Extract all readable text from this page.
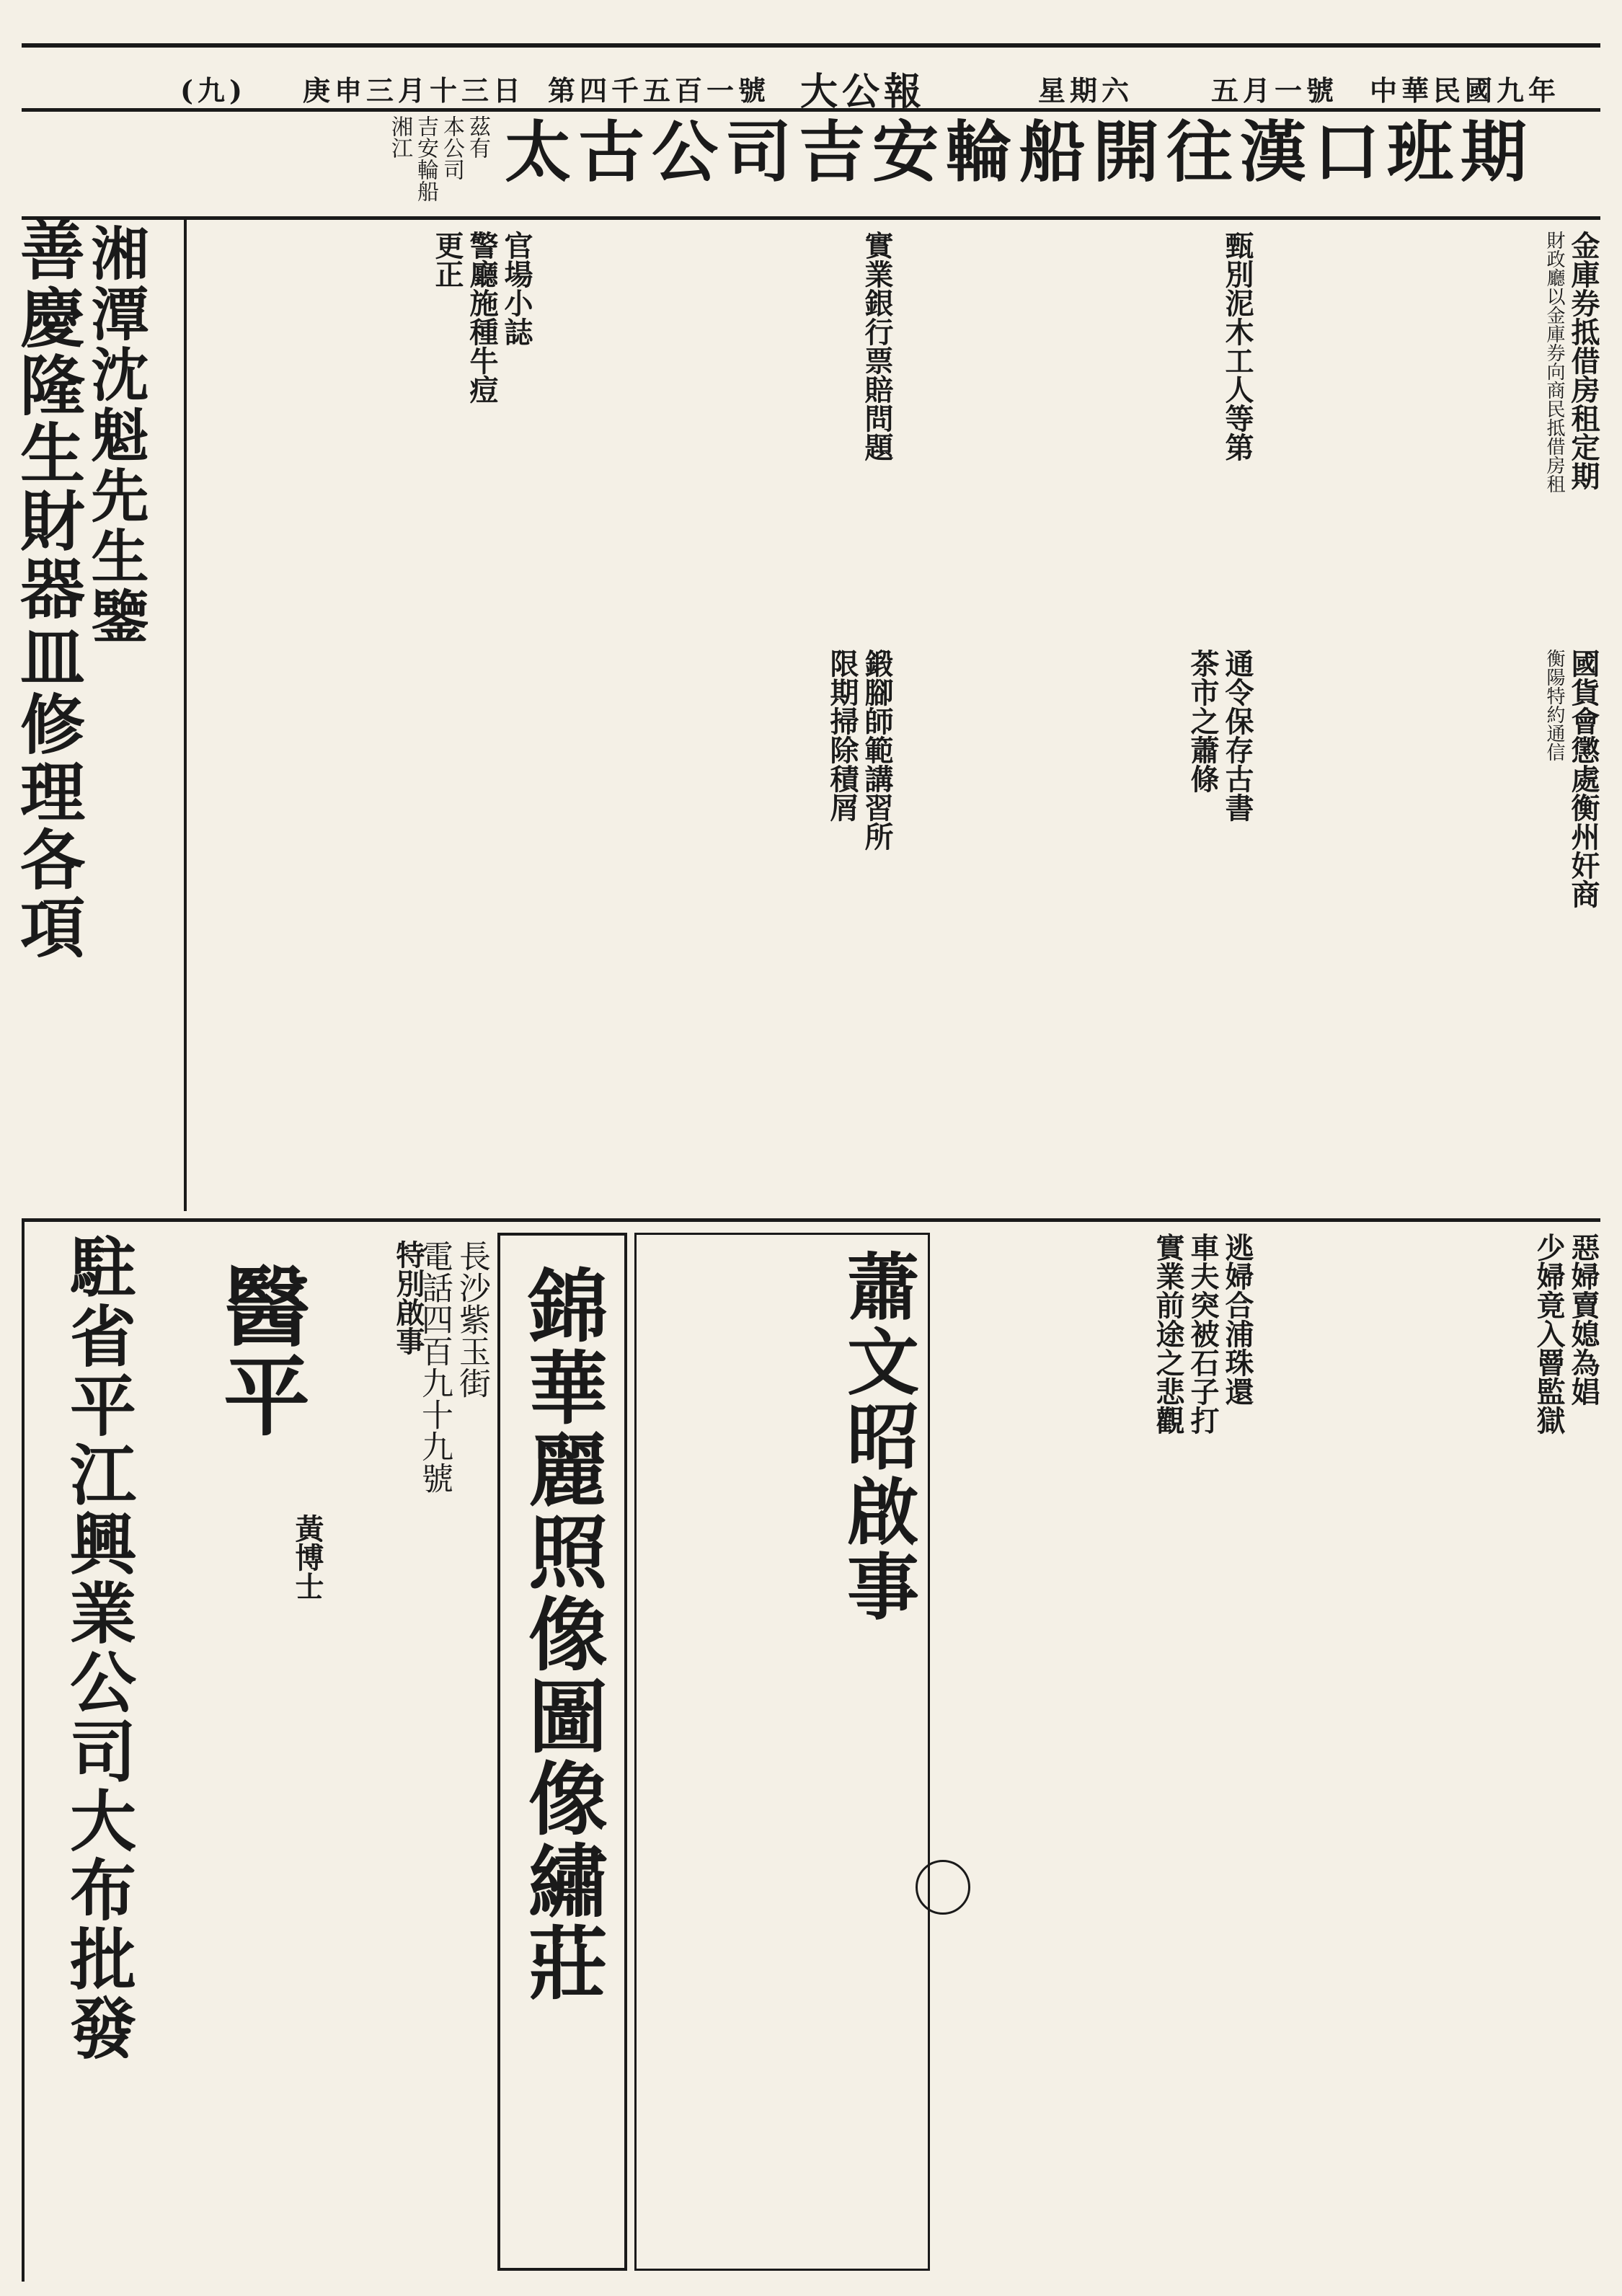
中華民國九年
五月一號
星期六
大公報
第四千五百一號
庚申三月十三日
(九)
太古公司吉安輪船開往漢口班期
茲有
本公司
吉安輪船
湘江
善慶隆生財器皿修理各項
湘潭沈魁先生鑒	金庫券抵借房租定期
財政廳以金庫券向商民抵借房租
甄別泥木工人等第
實業銀行票賠問題
國貨會懲處衡州奸商
衡陽特約通信
通令保存古書
茶市之蕭條
鍛腳師範講習所
限期掃除積屑
官場小誌
警廳施種牛痘
更正
惡婦賣媳為娼
少婦竟入罾監獄
逃婦合浦珠還
車夫突被石子打
實業前途之悲觀
蕭文昭啟事
錦華麗照像圖像繡莊
長沙紫玉街
電話四百九十九號
特別啟事
醫平
黃博士
駐省平江興業公司大布批發
